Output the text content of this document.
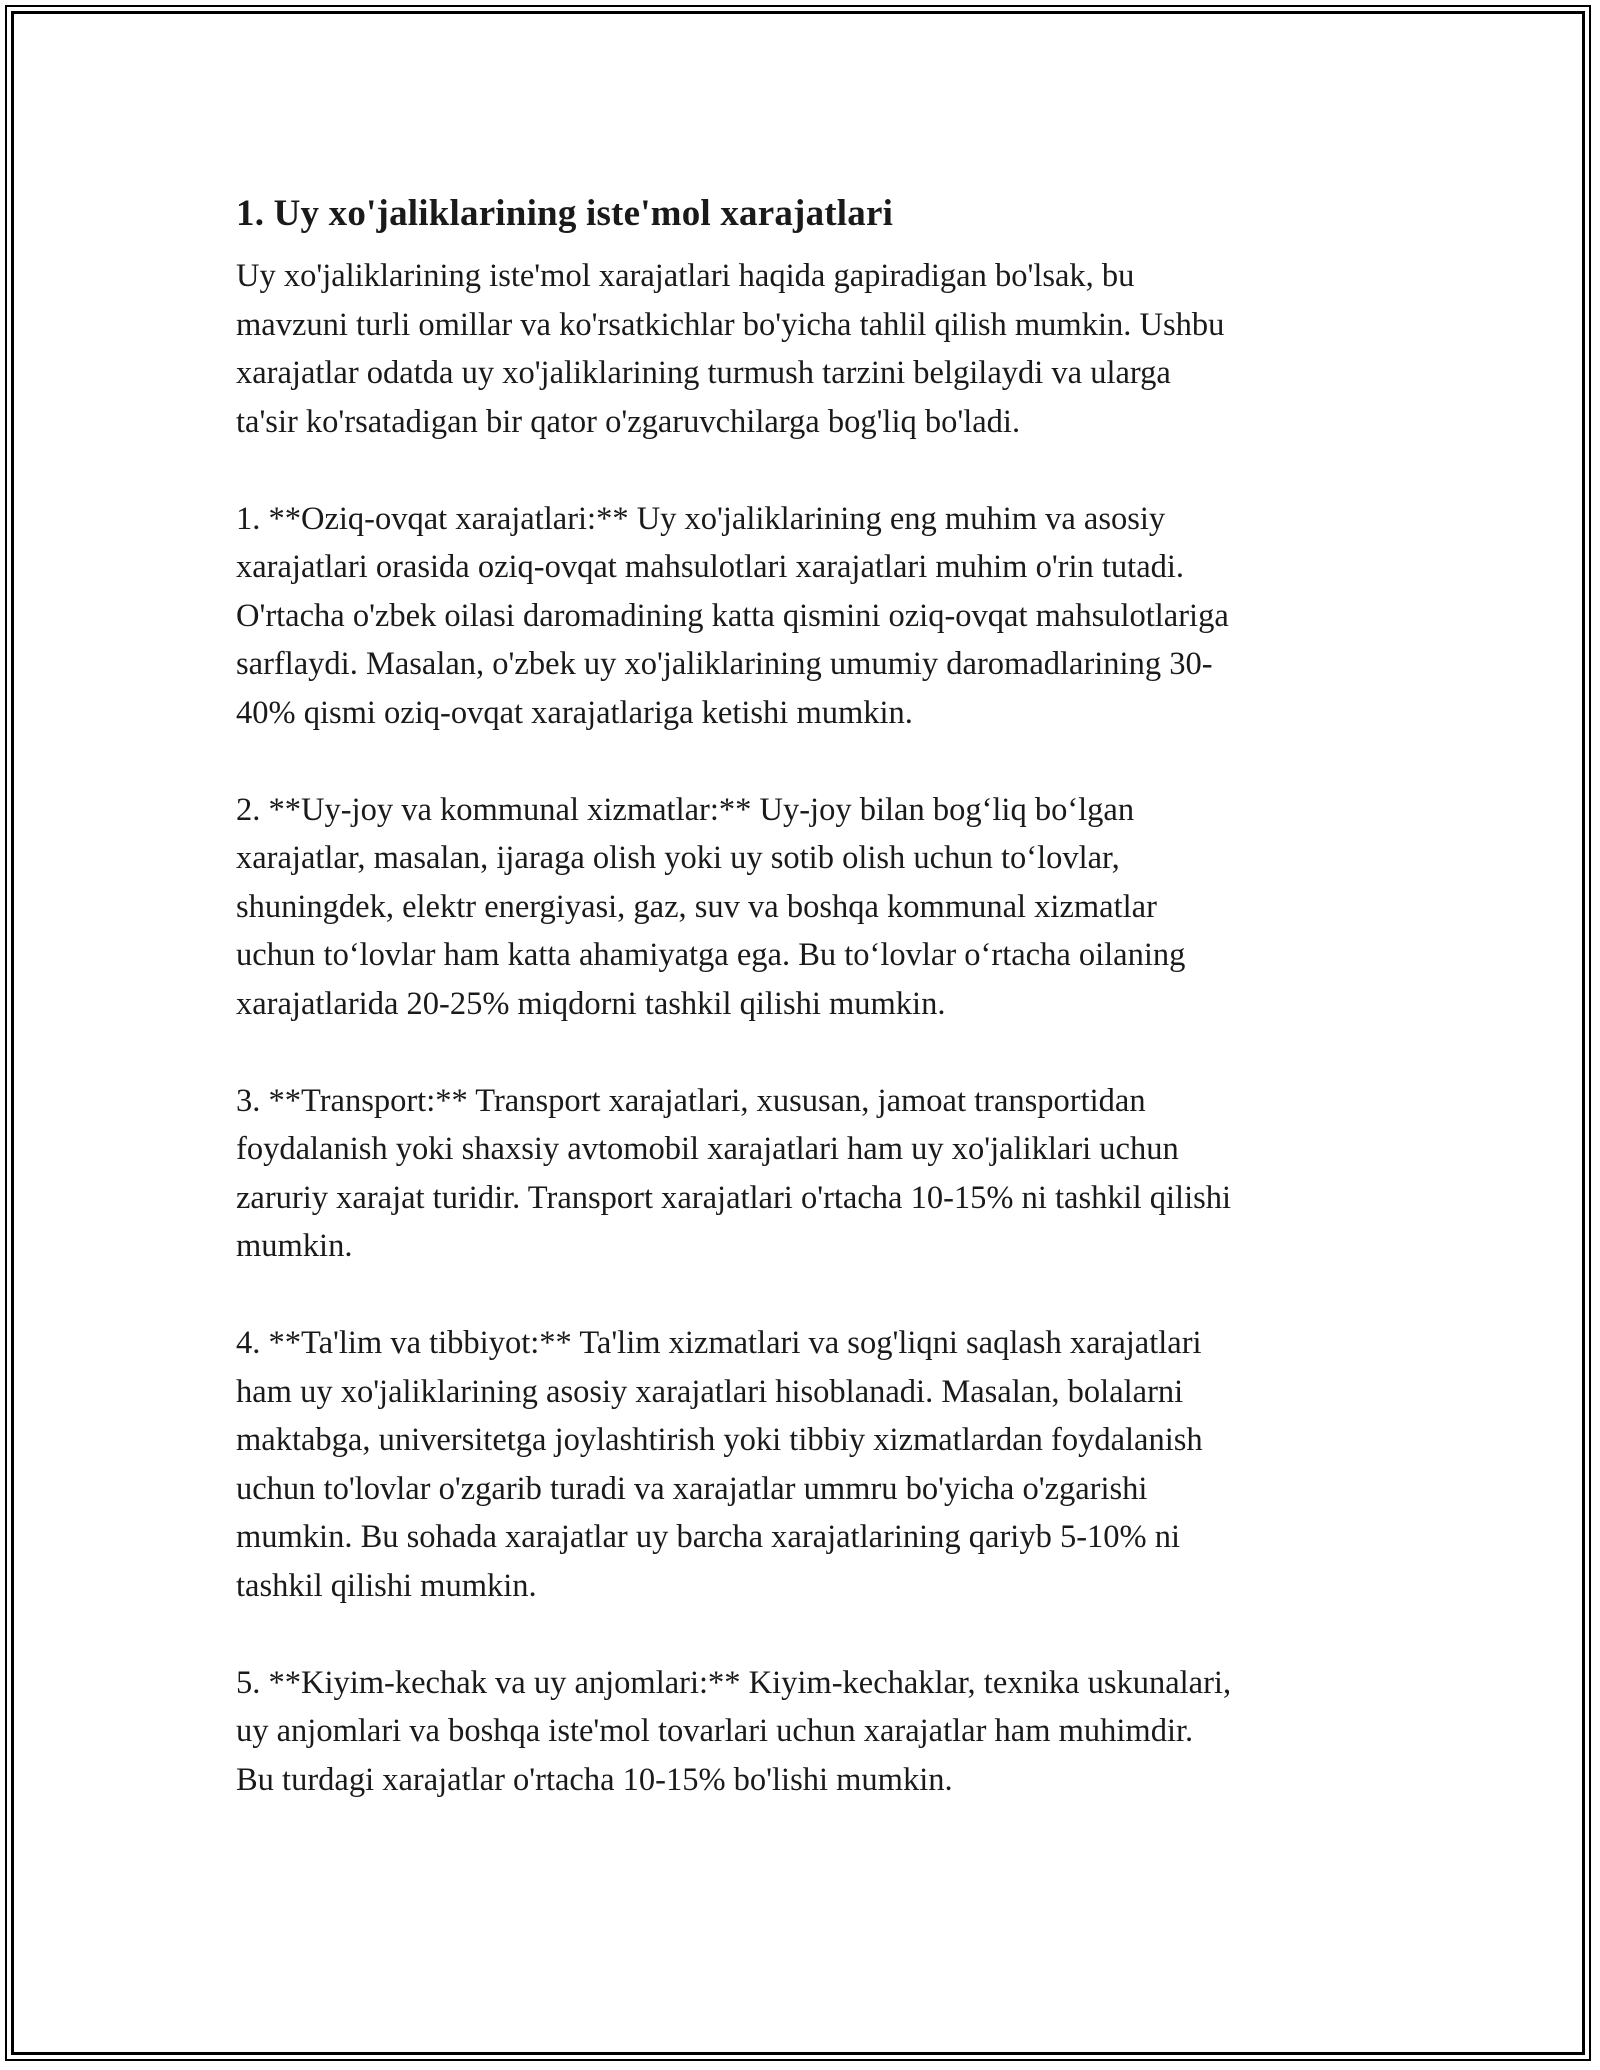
1. Uy xo'jaliklarining iste'mol xarajatlari

Uy xo'jaliklarining iste'mol xarajatlari haqida gapiradigan bo'lsak, bu
mavzuni turli omillar va ko'rsatkichlar bo'yicha tahlil qilish mumkin. Ushbu
xarajatlar odatda uy xo'jaliklarining turmush tarzini belgilaydi va ularga
ta'sir ko'rsatadigan bir qator o'zgaruvchilarga bog'liq bo'ladi.

1. **Oziq-ovqat xarajatlari:** Uy xo'jaliklarining eng muhim va asosiy
xarajatlari orasida oziq-ovqat mahsulotlari xarajatlari muhim o'rin tutadi.
O'rtacha o'zbek oilasi daromadining katta qismini oziq-ovqat mahsulotlariga
sarflaydi. Masalan, o'zbek uy xo'jaliklarining umumiy daromadlarining 30-
40% qismi oziq-ovqat xarajatlariga ketishi mumkin.

2. **Uy-joy va kommunal xizmatlar:** Uy-joy bilan bog‘liq bo‘lgan
xarajatlar, masalan, ijaraga olish yoki uy sotib olish uchun to‘lovlar,
shuningdek, elektr energiyasi, gaz, suv va boshqa kommunal xizmatlar
uchun to‘lovlar ham katta ahamiyatga ega. Bu to‘lovlar o‘rtacha oilaning
xarajatlarida 20-25% miqdorni tashkil qilishi mumkin.

3. **Transport:** Transport xarajatlari, xususan, jamoat transportidan
foydalanish yoki shaxsiy avtomobil xarajatlari ham uy xo'jaliklari uchun
zaruriy xarajat turidir. Transport xarajatlari o'rtacha 10-15% ni tashkil qilishi
mumkin.

4. **Ta'lim va tibbiyot:** Ta'lim xizmatlari va sog'liqni saqlash xarajatlari
ham uy xo'jaliklarining asosiy xarajatlari hisoblanadi. Masalan, bolalarni
maktabga, universitetga joylashtirish yoki tibbiy xizmatlardan foydalanish
uchun to'lovlar o'zgarib turadi va xarajatlar ummru bo'yicha o'zgarishi
mumkin. Bu sohada xarajatlar uy barcha xarajatlarining qariyb 5-10% ni
tashkil qilishi mumkin.

5. **Kiyim-kechak va uy anjomlari:** Kiyim-kechaklar, texnika uskunalari,
uy anjomlari va boshqa iste'mol tovarlari uchun xarajatlar ham muhimdir.
Bu turdagi xarajatlar o'rtacha 10-15% bo'lishi mumkin.
